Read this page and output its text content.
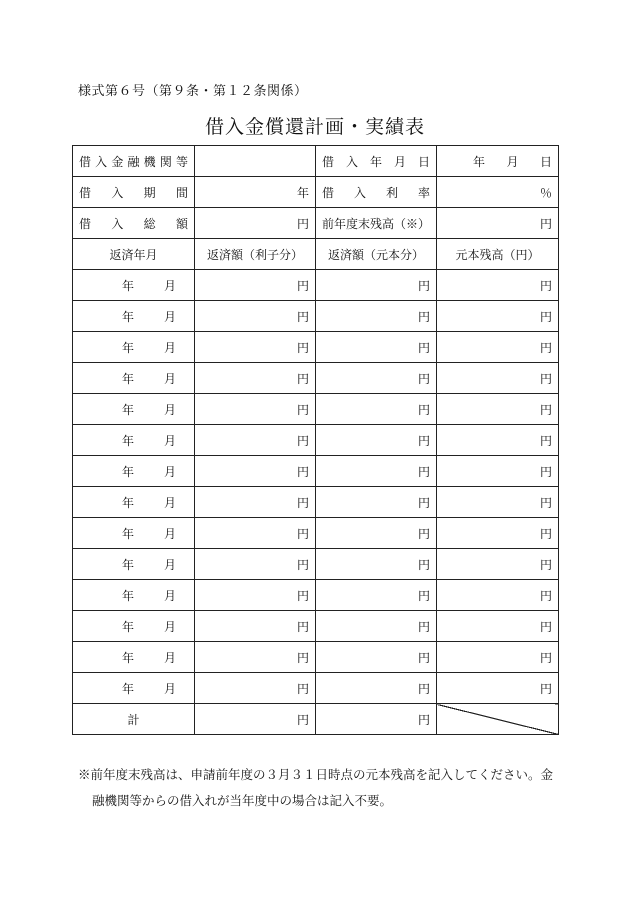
様式第６号（第９条・第１２条関係）
借入金償還計画・実績表
借入金融機関等		借入年月日	年 月 日

借入期間	年	借入利率	％
借入総額	円	前年度末残高（※）	円
返済年月	返済額（利子分）	返済額（元本分）	元本残高（円）

年 月	円	円	円

年 月	円	円	円

年 月	円	円	円

年 月	円	円	円

年 月	円	円	円

年 月	円	円	円

年 月	円	円	円

年 月	円	円	円

年 月	円	円	円

年 月	円	円	円

年 月	円	円	円

年 月	円	円	円

年 月	円	円	円

年 月	円	円	円
計	円	円	
※前年度末残高は、申請前年度の３月３１日時点の元本残高を記入してください。金
融機関等からの借入れが当年度中の場合は記入不要。
